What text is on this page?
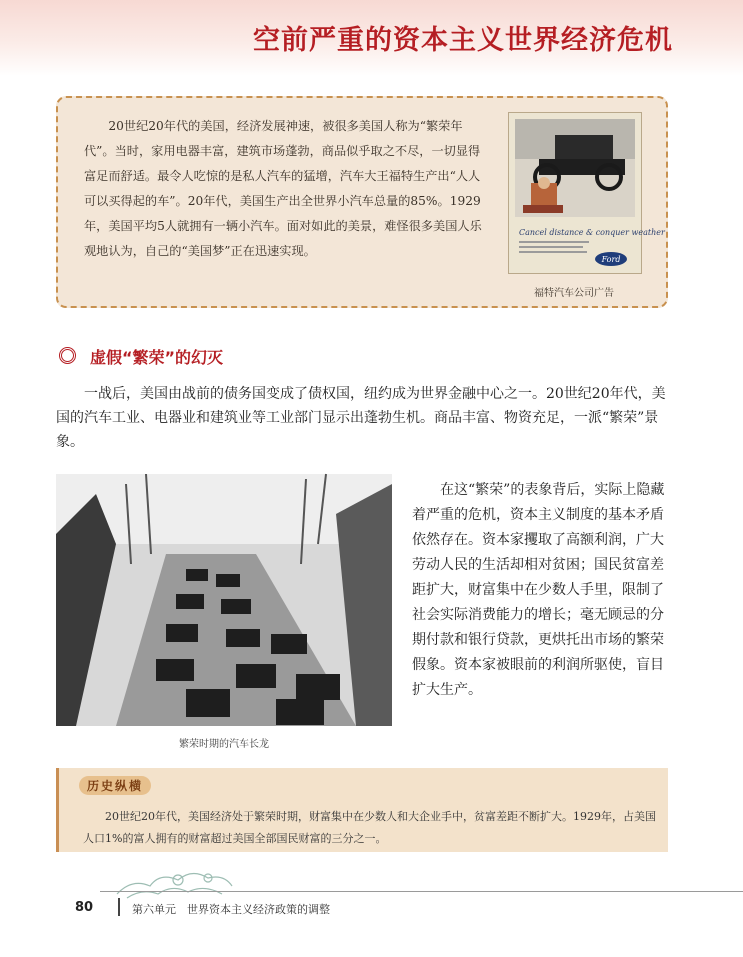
空前严重的资本主义世界经济危机

20世纪20年代的美国，经济发展神速，被很多美国人称为“繁荣年代”。当时，家用电器丰富，建筑市场蓬勃，商品似乎取之不尽，一切显得富足而舒适。最令人吃惊的是私人汽车的猛增，汽车大王福特生产出“人人可以买得起的车”。20年代，美国生产出全世界小汽车总量的85%。1929年，美国平均5人就拥有一辆小汽车。面对如此的美景，难怪很多美国人乐观地认为，自己的“美国梦”正在迅速实现。

Cancel distance & conquer weather
Ford
福特汽车公司广告
虚假“繁荣”的幻灭

一战后，美国由战前的债务国变成了债权国，纽约成为世界金融中心之一。20世纪20年代，美国的汽车工业、电器业和建筑业等工业部门显示出蓬勃生机。商品丰富、物资充足，一派“繁荣”景象。

繁荣时期的汽车长龙

在这“繁荣”的表象背后，实际上隐藏着严重的危机，资本主义制度的基本矛盾依然存在。资本家攫取了高额利润，广大劳动人民的生活却相对贫困；国民贫富差距扩大，财富集中在少数人手里，限制了社会实际消费能力的增长；毫无顾忌的分期付款和银行贷款，更烘托出市场的繁荣假象。资本家被眼前的利润所驱使，盲目扩大生产。

历史纵横

20世纪20年代，美国经济处于繁荣时期，财富集中在少数人和大企业手中，贫富差距不断扩大。1929年，占美国人口1%的富人拥有的财富超过美国全部国民财富的三分之一。

80	第六单元　世界资本主义经济政策的调整
